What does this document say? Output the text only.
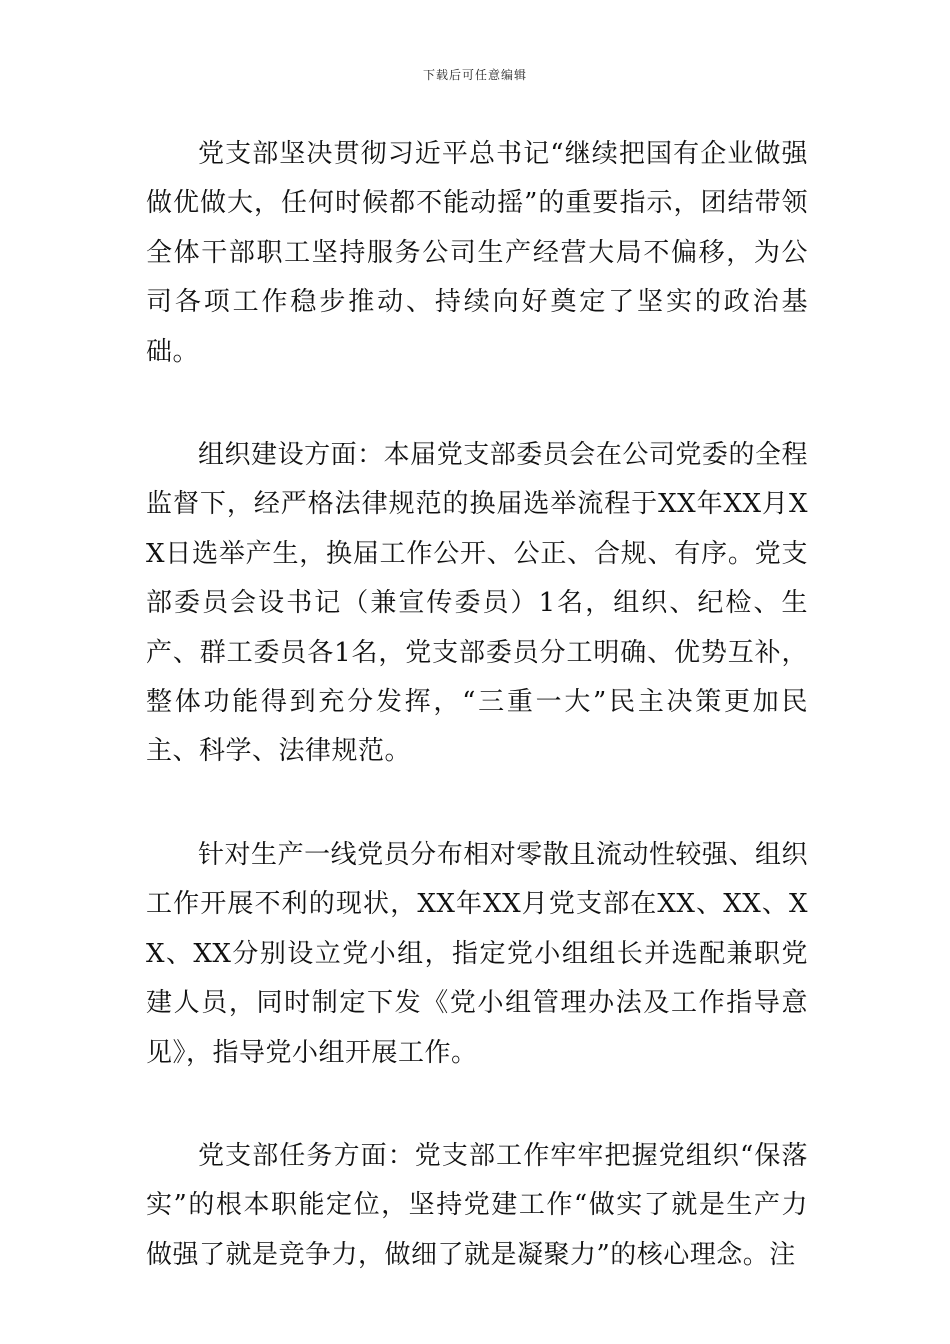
下载后可任意编辑

党支部坚决贯彻习近平总书记“继续把国有企业做强做优做大，任何时候都不能动摇”的重要指示，团结带领全体干部职工坚持服务公司生产经营大局不偏移，为公司各项工作稳步推动、持续向好奠定了坚实的政治基础。

组织建设方面：本届党支部委员会在公司党委的全程监督下，经严格法律规范的换届选举流程于XX年XX月XX日选举产生，换届工作公开、公正、合规、有序。党支部委员会设书记（兼宣传委员）1名，组织、纪检、生产、群工委员各1名，党支部委员分工明确、优势互补，整体功能得到充分发挥，“三重一大”民主决策更加民主、科学、法律规范。

针对生产一线党员分布相对零散且流动性较强、组织工作开展不利的现状，XX年XX月党支部在XX、XX、XX、XX分别设立党小组，指定党小组组长并选配兼职党建人员，同时制定下发《党小组管理办法及工作指导意见》，指导党小组开展工作。

党支部任务方面：党支部工作牢牢把握党组织“保落实”的根本职能定位，坚持党建工作“做实了就是生产力做强了就是竞争力，做细了就是凝聚力”的核心理念。注
